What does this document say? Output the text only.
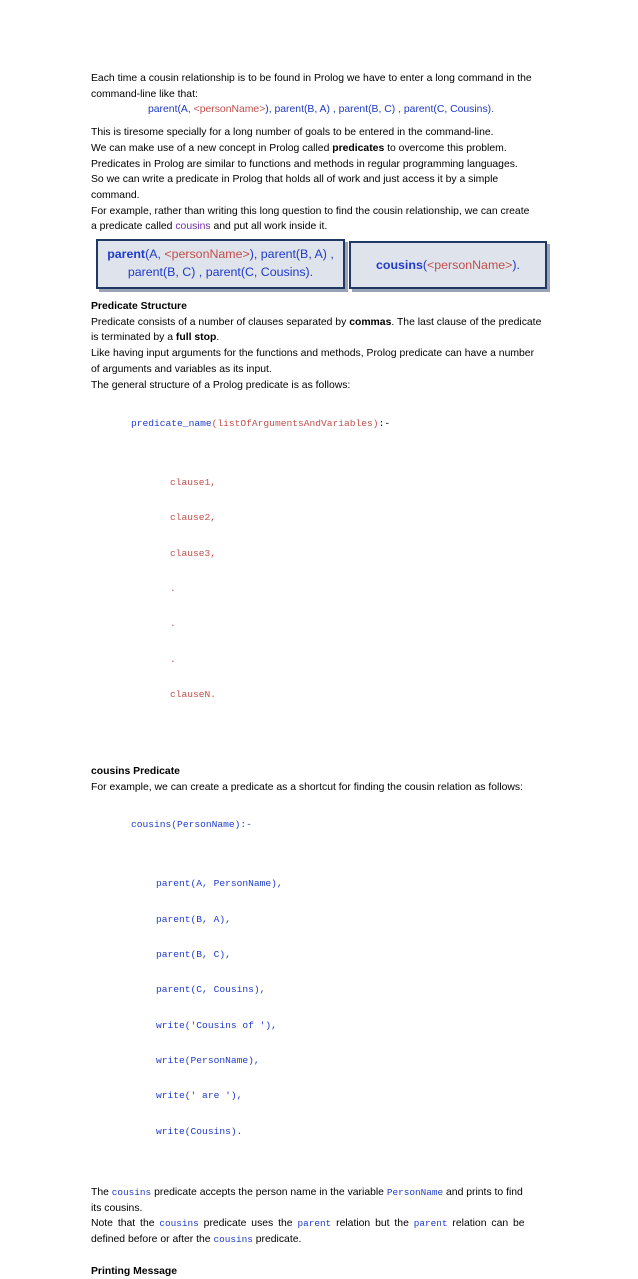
Each time a cousin relationship is to be found in Prolog we have to enter a long command in the

command-line like that:

parent(A, <personName>), parent(B, A) , parent(B, C) , parent(C, Cousins).

This is tiresome specially for a long number of goals to be entered in the command-line.

We can make use of a new concept in Prolog called predicates to overcome this problem.

Predicates in Prolog are similar to functions and methods in regular programming languages.

So we can write a predicate in Prolog that holds all of work and just access it by a simple command.

For example, rather than writing this long question to find the cousin relationship, we can create

a predicate called cousins and put all work inside it.

parent(A, <personName>), parent(B, A) ,
parent(B, C) , parent(C, Cousins).	cousins(<personName>).

Predicate Structure

Predicate consists of a number of clauses separated by commas. The last clause of the predicate

is terminated by a full stop.

Like having input arguments for the functions and methods, Prolog predicate can have a number

of arguments and variables as its input.

The general structure of a Prolog predicate is as follows:

predicate_name(listOfArgumentsAndVariables):-

clause1,

clause2,

clause3,

.

.

.

clauseN.

cousins Predicate

For example, we can create a predicate as a shortcut for finding the cousin relation as follows:

cousins(PersonName):-

parent(A, PersonName),

parent(B, A),

parent(B, C),

parent(C, Cousins),

write('Cousins of '),

write(PersonName),

write(' are '),

write(Cousins).

The cousins predicate accepts the person name in the variable PersonName and prints to find

its cousins.

Note that the cousins predicate uses the parent relation but the parent relation can be

defined before or after the cousins predicate.

Printing Message
